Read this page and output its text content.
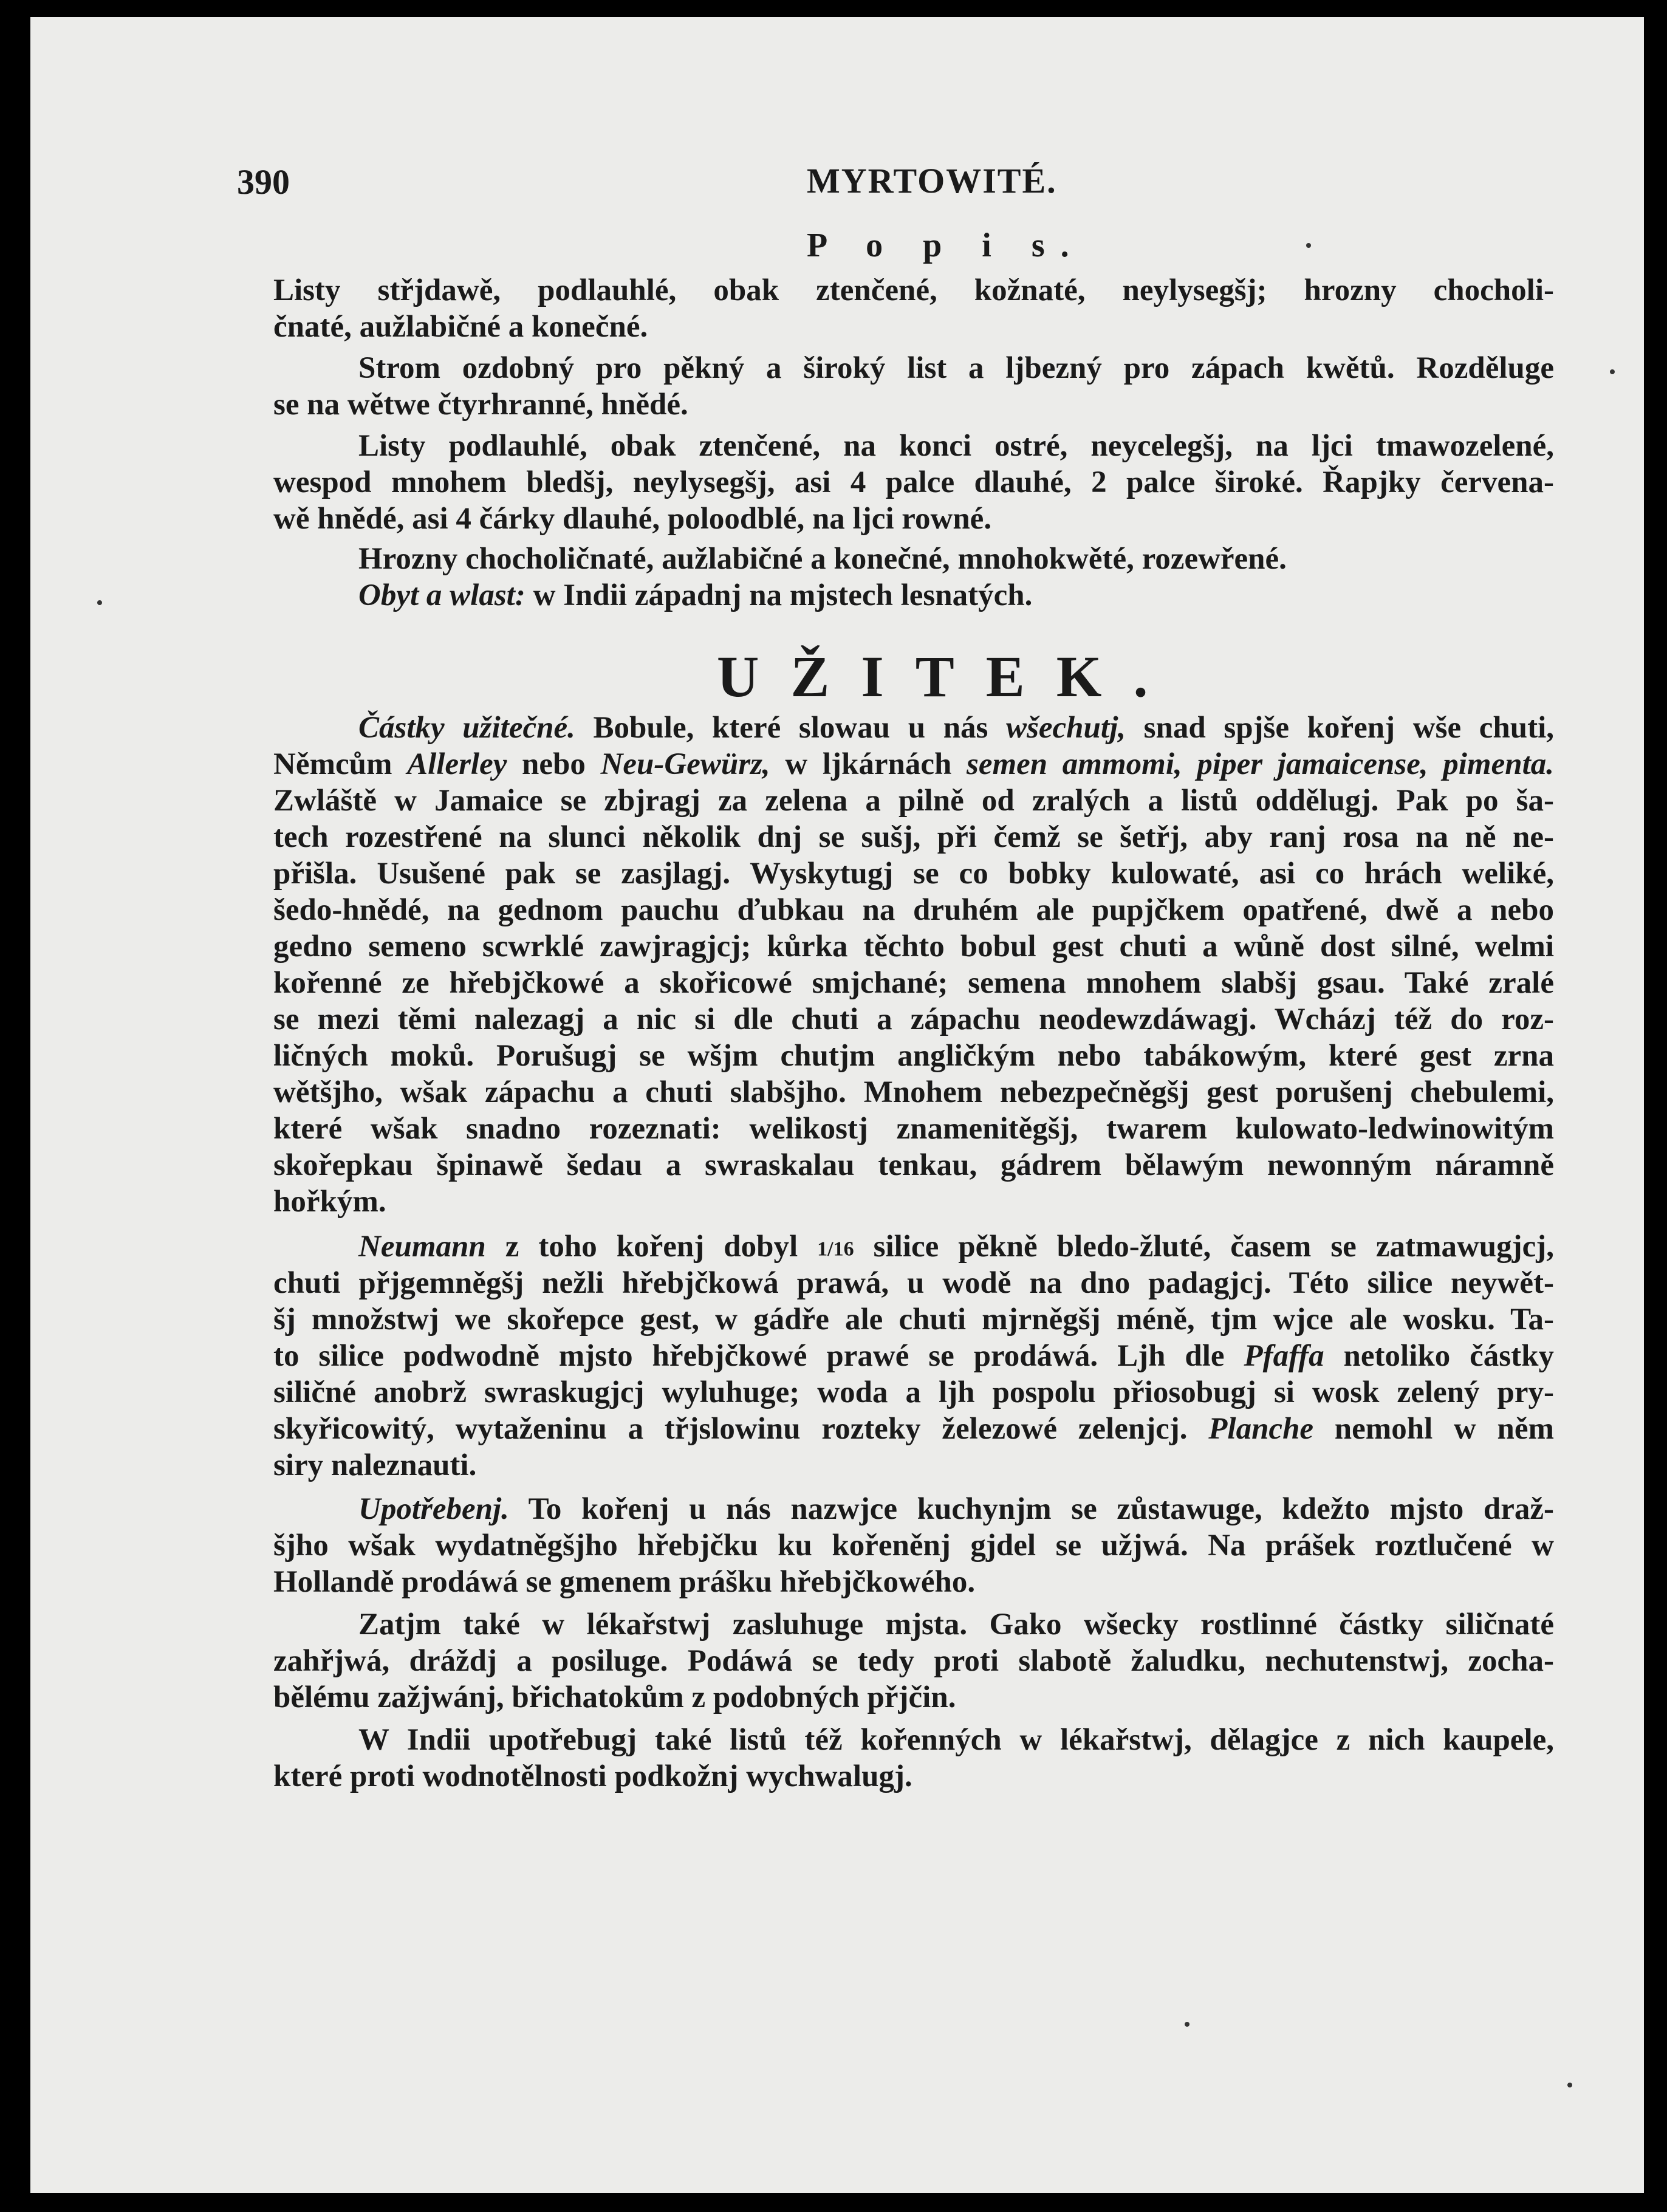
390	MYRTOWITÉ.
P o p i s.
Listy střjdawě, podlauhlé, obak ztenčené, kožnaté, neylysegšj; hrozny chocholi-
čnaté, aužlabičné a konečné.
Strom ozdobný pro pěkný a široký list a ljbezný pro zápach kwětů. Rozděluge
se na wětwe čtyrhranné, hnědé.
Listy podlauhlé, obak ztenčené, na konci ostré, neycelegšj, na ljci tmawozelené,
wespod mnohem bledšj, neylysegšj, asi 4 palce dlauhé, 2 palce široké. Řapjky červena-
wě hnědé, asi 4 čárky dlauhé, poloodblé, na ljci rowné.
Hrozny chocholičnaté, aužlabičné a konečné, mnohokwěté, rozewřené.
Obyt a wlast: w Indii západnj na mjstech lesnatých.
UŽITEK.
Částky užitečné. Bobule, které slowau u nás wšechutj, snad spjše kořenj wše chuti,
Němcům Allerley nebo Neu-Gewürz, w ljkárnách semen ammomi, piper jamaicense, pimenta.
Zwláště w Jamaice se zbjragj za zelena a pilně od zralých a listů oddělugj. Pak po ša-
tech rozestřené na slunci několik dnj se sušj, při čemž se šetřj, aby ranj rosa na ně ne-
přišla. Usušené pak se zasjlagj. Wyskytugj se co bobky kulowaté, asi co hrách weliké,
šedo-hnědé, na gednom pauchu ďubkau na druhém ale pupjčkem opatřené, dwě a nebo
gedno semeno scwrklé zawjragjcj; kůrka těchto bobul gest chuti a wůně dost silné, welmi
kořenné ze hřebjčkowé a skořicowé smjchané; semena mnohem slabšj gsau. Také zralé
se mezi těmi nalezagj a nic si dle chuti a zápachu neodewzdáwagj. Wcházj též do roz-
ličných moků. Porušugj se wšjm chutjm angličkým nebo tabákowým, které gest zrna
wětšjho, wšak zápachu a chuti slabšjho. Mnohem nebezpečněgšj gest porušenj chebulemi,
které wšak snadno rozeznati: welikostj znamenitěgšj, twarem kulowato-ledwinowitým
skořepkau špinawě šedau a swraskalau tenkau, gádrem bělawým newonným náramně
hořkým.
Neumann z toho kořenj dobyl 1/16 silice pěkně bledo-žluté, časem se zatmawugjcj,
chuti přjgemněgšj nežli hřebjčkowá prawá, u wodě na dno padagjcj. Této silice neywět-
šj množstwj we skořepce gest, w gádře ale chuti mjrněgšj méně, tjm wjce ale wosku. Ta-
to silice podwodně mjsto hřebjčkowé prawé se prodáwá. Ljh dle Pfaffa netoliko částky
siličné anobrž swraskugjcj wyluhuge; woda a ljh pospolu přiosobugj si wosk zelený pry-
skyřicowitý, wytaženinu a třjslowinu rozteky železowé zelenjcj. Planche nemohl w něm
siry naleznauti.
Upotřebenj. To kořenj u nás nazwjce kuchynjm se zůstawuge, kdežto mjsto draž-
šjho wšak wydatněgšjho hřebjčku ku kořeněnj gjdel se užjwá. Na prášek roztlučené w
Hollandě prodáwá se gmenem prášku hřebjčkowého.
Zatjm také w lékařstwj zasluhuge mjsta. Gako wšecky rostlinné částky siličnaté
zahřjwá, dráždj a posiluge. Podáwá se tedy proti slabotě žaludku, nechutenstwj, zocha-
bělému zažjwánj, břichatokům z podobných přjčin.
W Indii upotřebugj také listů též kořenných w lékařstwj, dělagjce z nich kaupele,
které proti wodnotělnosti podkožnj wychwalugj.
